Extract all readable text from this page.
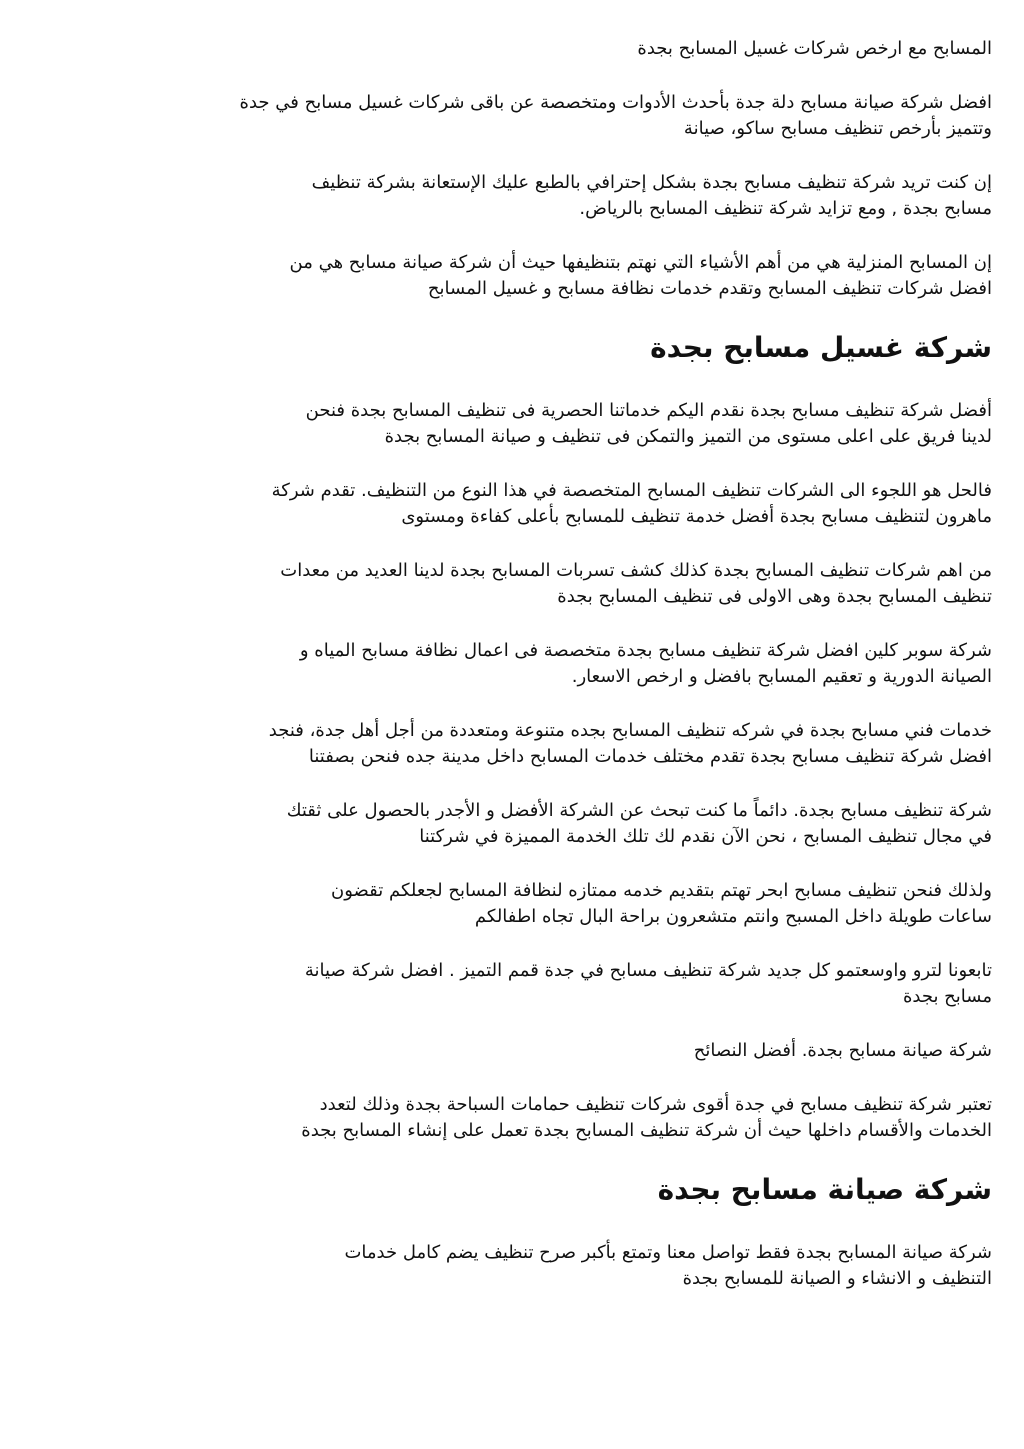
المسابح مع ارخص شركات غسيل المسابح بجدة

افضل شركة صيانة مسابح دلة جدة بأحدث الأدوات ومتخصصة عن باقى شركات غسيل مسابح في جدة
وتتميز بأرخص تنظيف مسابح ساكو، صيانة

إن كنت تريد شركة تنظيف مسابح بجدة بشكل إحترافي بالطبع عليك الإستعانة بشركة تنظيف
مسابح بجدة , ومع تزايد شركة تنظيف المسابح بالرياض.

إن المسابح المنزلية هي من أهم الأشياء التي نهتم بتنظيفها حيث أن شركة صيانة مسابح هي من
افضل شركات تنظيف المسابح وتقدم خدمات نظافة مسابح و غسيل المسابح

شركة غسيل مسابح بجدة

أفضل شركة تنظيف مسابح بجدة نقدم اليكم خدماتنا الحصرية فى تنظيف المسابح بجدة فنحن
لدينا فريق على اعلى مستوى من التميز والتمكن فى تنظيف و صيانة المسابح بجدة

فالحل هو اللجوء الى الشركات تنظيف المسابح المتخصصة في هذا النوع من التنظيف. تقدم شركة
ماهرون لتنظيف مسابح بجدة أفضل خدمة تنظيف للمسابح بأعلى كفاءة ومستوى

من اهم شركات تنظيف المسابح بجدة كذلك كشف تسربات المسابح بجدة لدينا العديد من معدات
تنظيف المسابح بجدة وهى الاولى فى تنظيف المسابح بجدة

شركة سوبر كلين افضل شركة تنظيف مسابح بجدة متخصصة فى اعمال نظافة مسابح المياه و
الصيانة الدورية و تعقيم المسابح بافضل و ارخص الاسعار.

خدمات فني مسابح بجدة في شركه تنظيف المسابح بجده متنوعة ومتعددة من أجل أهل جدة، فنجد
افضل شركة تنظيف مسابح بجدة تقدم مختلف خدمات المسابح داخل مدينة جده فنحن بصفتنا

شركة تنظيف مسابح بجدة. دائماً ما كنت تبحث عن الشركة الأفضل و الأجدر بالحصول على ثقتك
في مجال تنظيف المسابح ، نحن الآن نقدم لك تلك الخدمة المميزة في شركتنا

ولذلك فنحن تنظيف مسابح ابحر تهتم بتقديم خدمه ممتازه لنظافة المسابح لجعلكم تقضون
ساعات طويلة داخل المسبح وانتم متشعرون براحة البال تجاه اطفالكم

تابعونا لترو واوسعتمو كل جديد شركة تنظيف مسابح في جدة قمم التميز . افضل شركة صيانة
مسابح بجدة

شركة صيانة مسابح بجدة. أفضل النصائح

تعتبر شركة تنظيف مسابح في جدة أقوى شركات تنظيف حمامات السباحة بجدة وذلك لتعدد
الخدمات والأقسام داخلها حيث أن شركة تنظيف المسابح بجدة تعمل على إنشاء المسابح بجدة

شركة صيانة مسابح بجدة

شركة صيانة المسابح بجدة فقط تواصل معنا وتمتع بأكبر صرح تنظيف يضم كامل خدمات
التنظيف و الانشاء و الصيانة للمسابح بجدة
